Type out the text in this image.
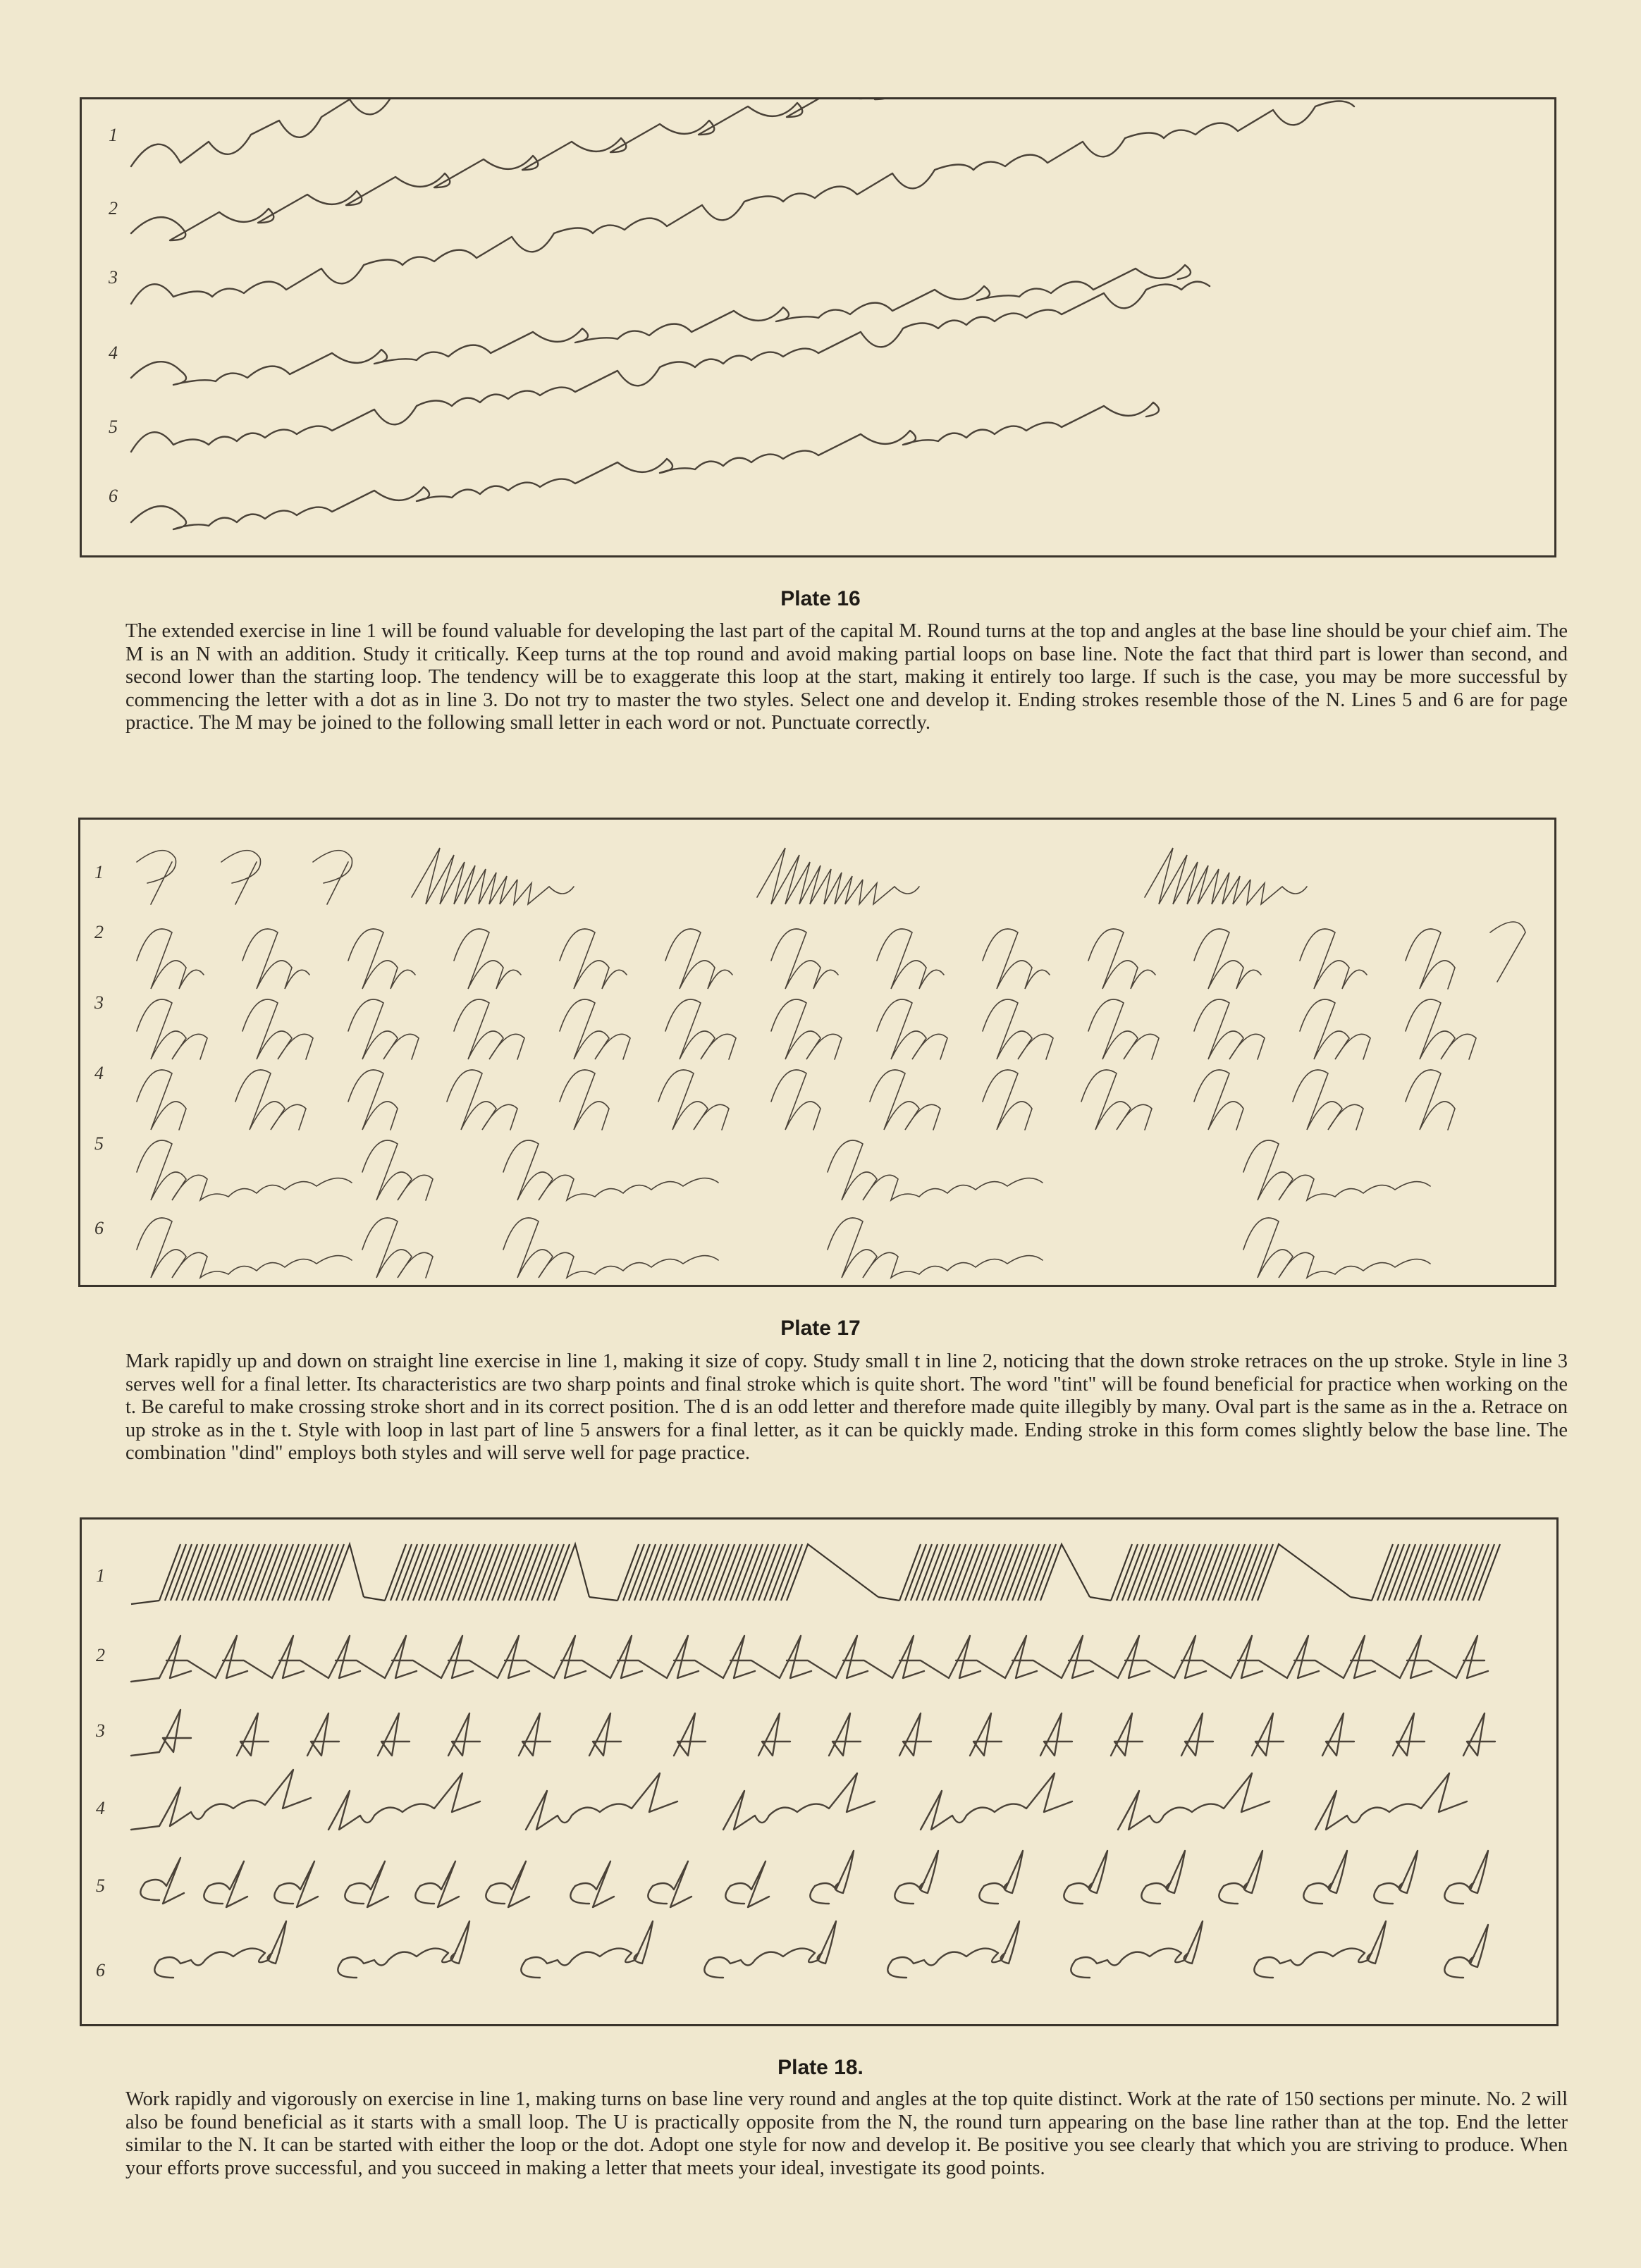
1
2
3
4
5
6
Plate 16
The extended exercise in line 1 will be found valuable for developing the last part of the capital M. Round turns at the top and angles at the base line should be your chief aim. The M is an N with an addition. Study it critically. Keep turns at the top round and avoid making partial loops on base line. Note the fact that third part is lower than second, and second lower than the starting loop. The tendency will be to exaggerate this loop at the start, making it entirely too large. If such is the case, you may be more successful by commencing the letter with a dot as in line 3. Do not try to master the two styles. Select one and develop it. Ending strokes resemble those of the N. Lines 5 and 6 are for page practice. The M may be joined to the following small letter in each word or not. Punctuate correctly.
1
2
3
4
5
6
Plate 17
Mark rapidly up and down on straight line exercise in line 1, making it size of copy. Study small t in line 2, noticing that the down stroke retraces on the up stroke. Style in line 3 serves well for a final letter. Its characteristics are two sharp points and final stroke which is quite short. The word "tint" will be found beneficial for practice when working on the t. Be careful to make crossing stroke short and in its correct position. The d is an odd letter and therefore made quite illegibly by many. Oval part is the same as in the a. Retrace on up stroke as in the t. Style with loop in last part of line 5 answers for a final letter, as it can be quickly made. Ending stroke in this form comes slightly below the base line. The combination "dind" employs both styles and will serve well for page practice.
1
2
3
4
5
6
Plate 18.
Work rapidly and vigorously on exercise in line 1, making turns on base line very round and angles at the top quite distinct. Work at the rate of 150 sections per minute. No. 2 will also be found beneficial as it starts with a small loop. The U is practically opposite from the N, the round turn appearing on the base line rather than at the top. End the letter similar to the N. It can be started with either the loop or the dot. Adopt one style for now and develop it. Be positive you see clearly that which you are striving to produce. When your efforts prove successful, and you succeed in making a letter that meets your ideal, investigate its good points.
